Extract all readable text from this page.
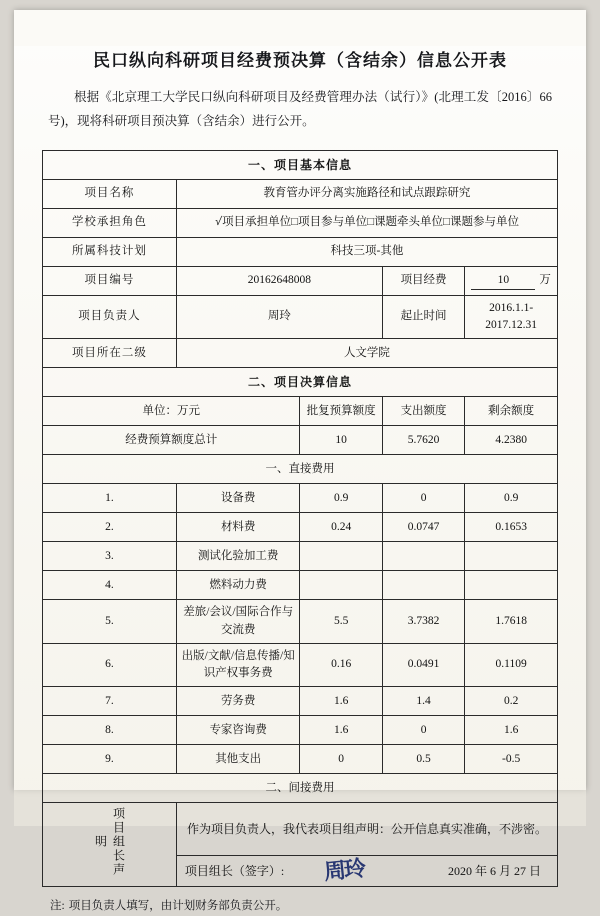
民口纵向科研项目经费预决算（含结余）信息公开表
根据《北京理工大学民口纵向科研项目及经费管理办法（试行）》(北理工发〔2016〕66 号)，现将科研项目预决算（含结余）进行公开。
一、项目基本信息				
项目名称	教育管办评分离实施路径和试点跟踪研究			
学校承担角色	√项目承担单位□项目参与单位□课题牵头单位□课题参与单位			
所属科技计划	科技三项-其他			
项目编号	20162648008		项目经费	10 万
项目负责人	周玲		起止时间	2016.1.1-2017.12.31
项目所在二级	人文学院			
二、项目决算信息				
单位：万元		批复预算额度	支出额度	剩余额度
经费预算额度总计		10	5.7620	4.2380
一、直接费用				
1.	设备费	0.9	0	0.9
2.	材料费	0.24	0.0747	0.1653
3.	测试化验加工费			
4.	燃料动力费			
5.	差旅/会议/国际合作与交流费	5.5	3.7382	1.7618
6.	出版/文献/信息传播/知识产权事务费	0.16	0.0491	0.1109
7.	劳务费	1.6	1.4	0.2
8.	专家咨询费	1.6	0	1.6
9.	其他支出	0	0.5	-0.5
二、间接费用				
项目组长声明	作为项目负责人，我代表项目组声明：公开信息真实准确，不涉密。			

	项目组长（签字）: 周玲 2020 年 6 月 27 日			
注: 项目负责人填写，由计划财务部负责公开。
